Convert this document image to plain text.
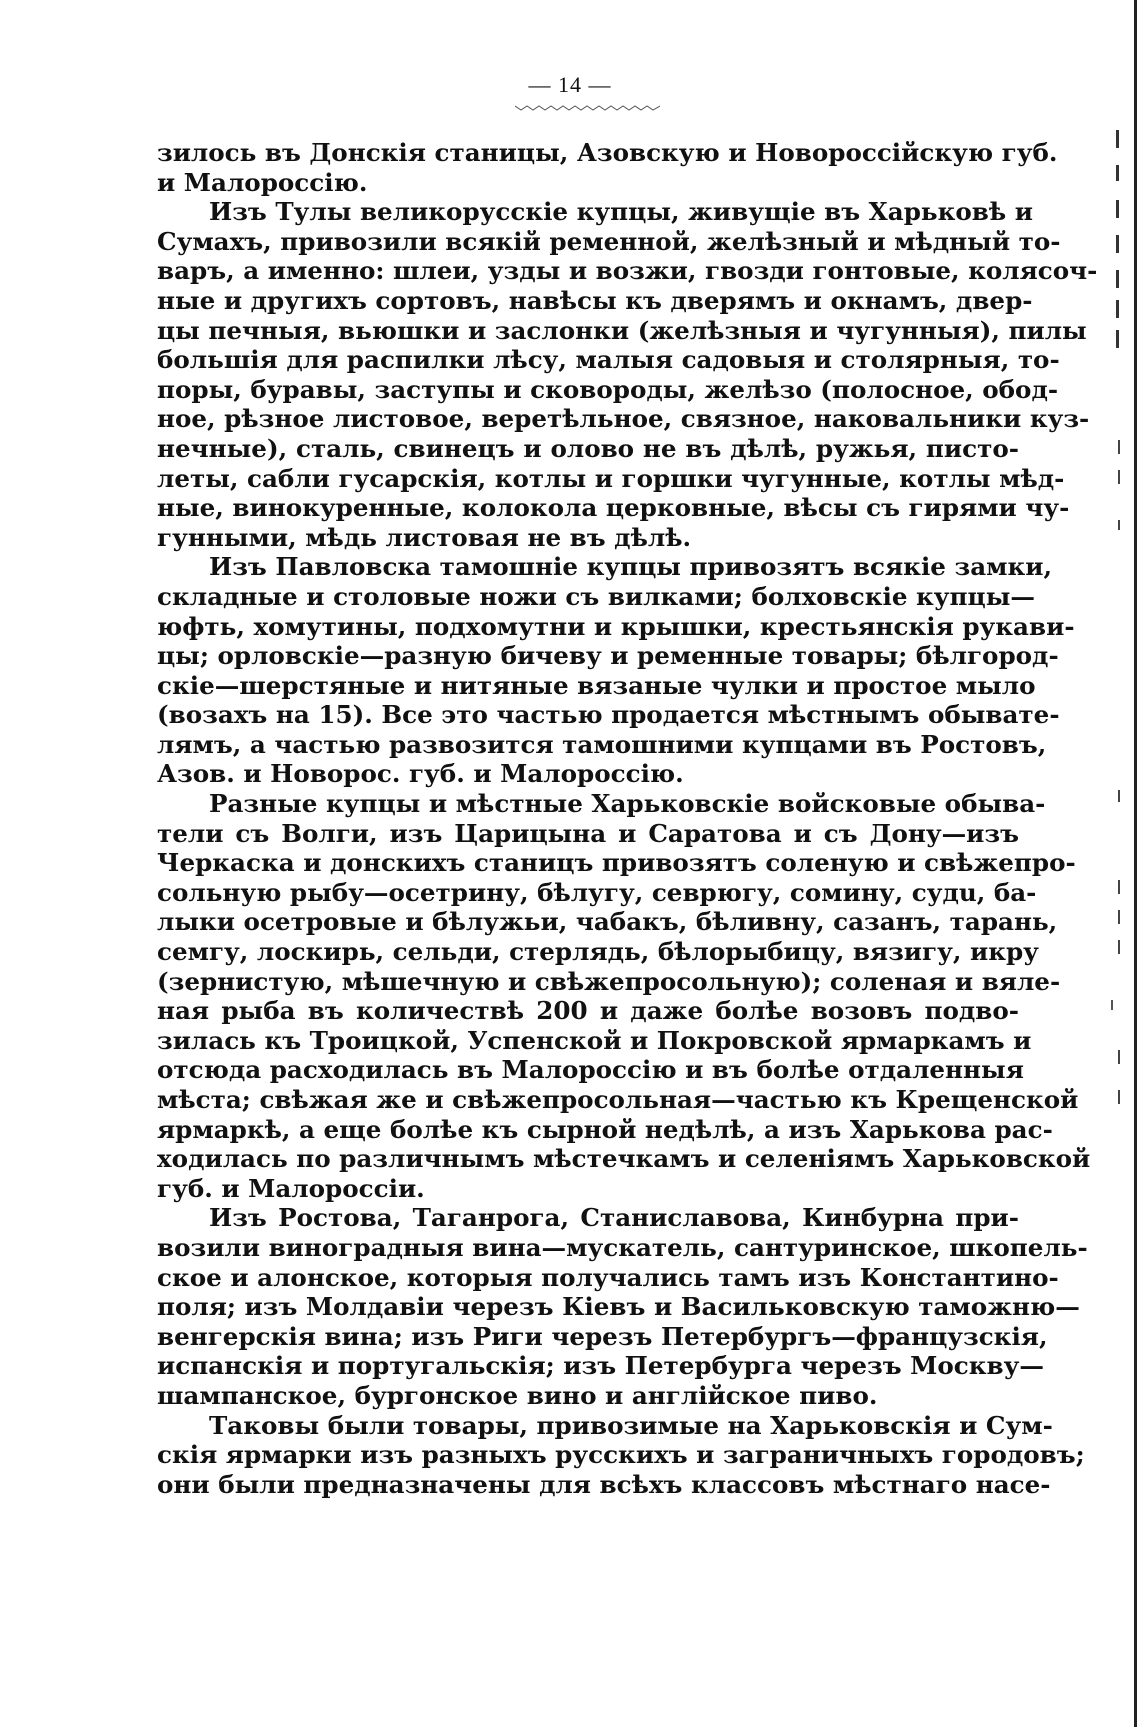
— 14 —
зилось въ Донскія станицы, Азовскую и Новороссійскую губ.
и Малороссію.
Изъ Тулы великорусскіе купцы, живущіе въ Харьковѣ и
Сумахъ, привозили всякій ременной, желѣзный и мѣдный то-
варъ, а именно: шлеи, узды и возжи, гвозди гонтовые, колясоч-
ные и другихъ сортовъ, навѣсы къ дверямъ и окнамъ, двер-
цы печныя, вьюшки и заслонки (желѣзныя и чугунныя), пилы
большія для распилки лѣсу, малыя садовыя и столярныя, то-
поры, буравы, заступы и сковороды, желѣзо (полосное, обод-
ное, рѣзное листовое, веретѣльное, связное, наковальники куз-
нечные), сталь, свинецъ и олово не въ дѣлѣ, ружья, писто-
леты, сабли гусарскія, котлы и горшки чугунные, котлы мѣд-
ные, винокуренные, колокола церковные, вѣсы съ гирями чу-
гунными, мѣдь листовая не въ дѣлѣ.
Изъ Павловска тамошніе купцы привозятъ всякіе замки,
складные и столовые ножи съ вилками; болховскіе купцы—
юфть, хомутины, подхомутни и крышки, крестьянскія рукави-
цы; орловскіе—разную бичеву и ременные товары; бѣлгород-
скіе—шерстяные и нитяные вязаные чулки и простое мыло
(возахъ на 15). Все это частью продается мѣстнымъ обывате-
лямъ, а частью развозится тамошними купцами въ Ростовъ,
Азов. и Новорос. губ. и Малороссію.
Разные купцы и мѣстные Харьковскіе войсковые обыва-
тели съ Волги, изъ Царицына и Саратова и съ Дону—изъ
Черкаска и донскихъ станицъ привозятъ соленую и свѣжепро-
сольную рыбу—осетрину, бѣлугу, севрюгу, сомину, судu, ба-
лыки осетровые и бѣлужьи, чабакъ, бѣливну, сазанъ, тарань,
семгу, лоскирь, сельди, стерлядь, бѣлорыбицу, вязигу, икру
(зернистую, мѣшечную и свѣжепросольную); соленая и вяле-
ная рыба въ количествѣ 200 и даже болѣе возовъ подво-
зилась къ Троицкой, Успенской и Покровской ярмаркамъ и
отсюда расходилась въ Малороссію и въ болѣе отдаленныя
мѣста; свѣжая же и свѣжепросольная—частью къ Крещенской
ярмаркѣ, а еще болѣе къ сырной недѣлѣ, а изъ Харькова рас-
ходилась по различнымъ мѣстечкамъ и селеніямъ Харьковской
губ. и Малороссіи.
Изъ Ростова, Таганрога, Станиславова, Кинбурна при-
возили виноградныя вина—мускатель, сантуринское, шкопель-
ское и алонское, которыя получались тамъ изъ Константино-
поля; изъ Молдавіи черезъ Кіевъ и Васильковскую таможню—
венгерскія вина; изъ Риги черезъ Петербургъ—французскія,
испанскія и португальскія; изъ Петербурга черезъ Москву—
шампанское, бургонское вино и англійское пиво.
Таковы были товары, привозимые на Харьковскія и Сум-
скія ярмарки изъ разныхъ русскихъ и заграничныхъ городовъ;
они были предназначены для всѣхъ классовъ мѣстнаго насе-
